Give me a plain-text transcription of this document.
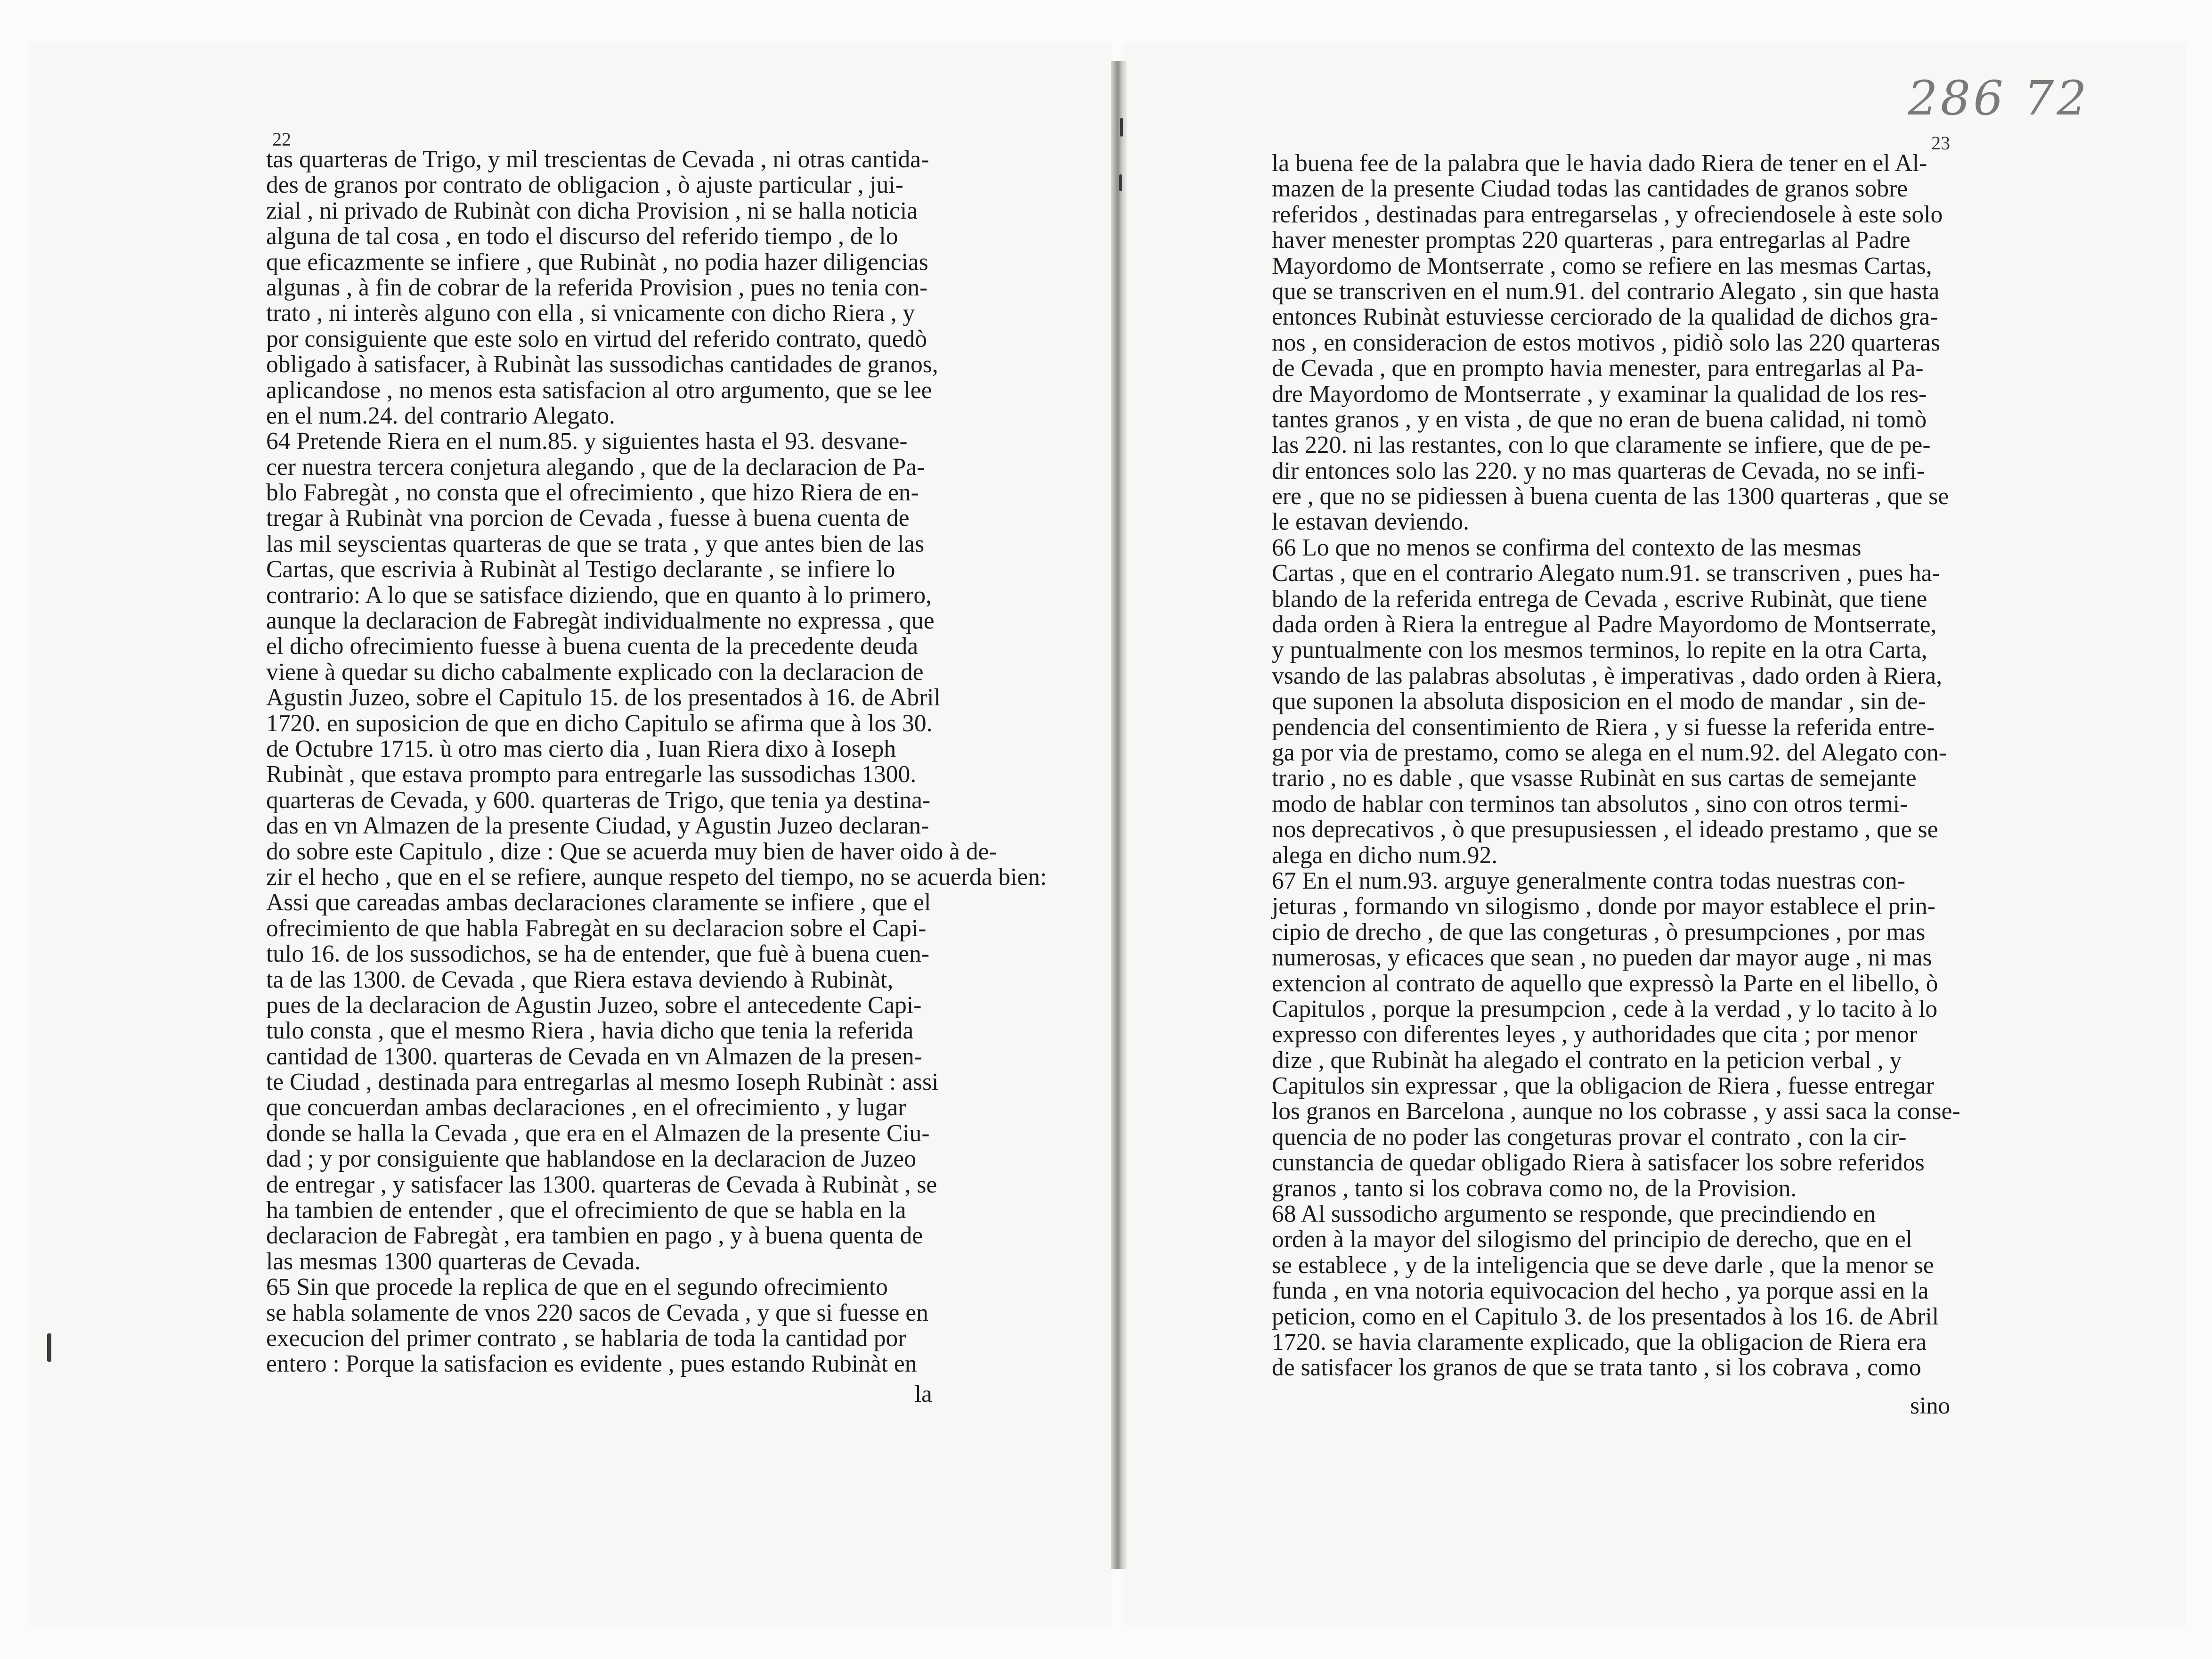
22
286 72
23
tas quarteras de Trigo, y mil trescientas de Cevada , ni otras cantida-
des de granos por contrato de obligacion , ò ajuste particular , jui-
zial , ni privado de Rubinàt con dicha Provision , ni se halla noticia
alguna de tal cosa , en todo el discurso del referido tiempo , de lo
que eficazmente se infiere , que Rubinàt , no podia hazer diligencias
algunas , à fin de cobrar de la referida Provision , pues no tenia con-
trato , ni interès alguno con ella , si vnicamente con dicho Riera , y
por consiguiente que este solo en virtud del referido contrato, quedò
obligado à satisfacer, à Rubinàt las sussodichas cantidades de granos,
aplicandose , no menos esta satisfacion al otro argumento, que se lee
en el num.24. del contrario Alegato.
64 Pretende Riera en el num.85. y siguientes hasta el 93. desvane-
cer nuestra tercera conjetura alegando , que de la declaracion de Pa-
blo Fabregàt , no consta que el ofrecimiento , que hizo Riera de en-
tregar à Rubinàt vna porcion de Cevada , fuesse à buena cuenta de
las mil seyscientas quarteras de que se trata , y que antes bien de las
Cartas, que escrivia à Rubinàt al Testigo declarante , se infiere lo
contrario: A lo que se satisface diziendo, que en quanto à lo primero,
aunque la declaracion de Fabregàt individualmente no expressa , que
el dicho ofrecimiento fuesse à buena cuenta de la precedente deuda
viene à quedar su dicho cabalmente explicado con la declaracion de
Agustin Juzeo, sobre el Capitulo 15. de los presentados à 16. de Abril
1720. en suposicion de que en dicho Capitulo se afirma que à los 30.
de Octubre 1715. ù otro mas cierto dia , Iuan Riera dixo à Ioseph
Rubinàt , que estava prompto para entregarle las sussodichas 1300.
quarteras de Cevada, y 600. quarteras de Trigo, que tenia ya destina-
das en vn Almazen de la presente Ciudad, y Agustin Juzeo declaran-
do sobre este Capitulo , dize : Que se acuerda muy bien de haver oido à de-
zir el hecho , que en el se refiere, aunque respeto del tiempo, no se acuerda bien:
Assi que careadas ambas declaraciones claramente se infiere , que el
ofrecimiento de que habla Fabregàt en su declaracion sobre el Capi-
tulo 16. de los sussodichos, se ha de entender, que fuè à buena cuen-
ta de las 1300. de Cevada , que Riera estava deviendo à Rubinàt,
pues de la declaracion de Agustin Juzeo, sobre el antecedente Capi-
tulo consta , que el mesmo Riera , havia dicho que tenia la referida
cantidad de 1300. quarteras de Cevada en vn Almazen de la presen-
te Ciudad , destinada para entregarlas al mesmo Ioseph Rubinàt : assi
que concuerdan ambas declaraciones , en el ofrecimiento , y lugar
donde se halla la Cevada , que era en el Almazen de la presente Ciu-
dad ; y por consiguiente que hablandose en la declaracion de Juzeo
de entregar , y satisfacer las 1300. quarteras de Cevada à Rubinàt , se
ha tambien de entender , que el ofrecimiento de que se habla en la
declaracion de Fabregàt , era tambien en pago , y à buena quenta de
las mesmas 1300 quarteras de Cevada.
65 Sin que procede la replica de que en el segundo ofrecimiento
se habla solamente de vnos 220 sacos de Cevada , y que si fuesse en
execucion del primer contrato , se hablaria de toda la cantidad por
entero : Porque la satisfacion es evidente , pues estando Rubinàt en
la buena fee de la palabra que le havia dado Riera de tener en el Al-
mazen de la presente Ciudad todas las cantidades de granos sobre
referidos , destinadas para entregarselas , y ofreciendosele à este solo
haver menester promptas 220 quarteras , para entregarlas al Padre
Mayordomo de Montserrate , como se refiere en las mesmas Cartas,
que se transcriven en el num.91. del contrario Alegato , sin que hasta
entonces Rubinàt estuviesse cerciorado de la qualidad de dichos gra-
nos , en consideracion de estos motivos , pidiò solo las 220 quarteras
de Cevada , que en prompto havia menester, para entregarlas al Pa-
dre Mayordomo de Montserrate , y examinar la qualidad de los res-
tantes granos , y en vista , de que no eran de buena calidad, ni tomò
las 220. ni las restantes, con lo que claramente se infiere, que de pe-
dir entonces solo las 220. y no mas quarteras de Cevada, no se infi-
ere , que no se pidiessen à buena cuenta de las 1300 quarteras , que se
le estavan deviendo.
66 Lo que no menos se confirma del contexto de las mesmas
Cartas , que en el contrario Alegato num.91. se transcriven , pues ha-
blando de la referida entrega de Cevada , escrive Rubinàt, que tiene
dada orden à Riera la entregue al Padre Mayordomo de Montserrate,
y puntualmente con los mesmos terminos, lo repite en la otra Carta,
vsando de las palabras absolutas , è imperativas , dado orden à Riera,
que suponen la absoluta disposicion en el modo de mandar , sin de-
pendencia del consentimiento de Riera , y si fuesse la referida entre-
ga por via de prestamo, como se alega en el num.92. del Alegato con-
trario , no es dable , que vsasse Rubinàt en sus cartas de semejante
modo de hablar con terminos tan absolutos , sino con otros termi-
nos deprecativos , ò que presupusiessen , el ideado prestamo , que se
alega en dicho num.92.
67 En el num.93. arguye generalmente contra todas nuestras con-
jeturas , formando vn silogismo , donde por mayor establece el prin-
cipio de drecho , de que las congeturas , ò presumpciones , por mas
numerosas, y eficaces que sean , no pueden dar mayor auge , ni mas
extencion al contrato de aquello que expressò la Parte en el libello, ò
Capitulos , porque la presumpcion , cede à la verdad , y lo tacito à lo
expresso con diferentes leyes , y authoridades que cita ; por menor
dize , que Rubinàt ha alegado el contrato en la peticion verbal , y
Capitulos sin expressar , que la obligacion de Riera , fuesse entregar
los granos en Barcelona , aunque no los cobrasse , y assi saca la conse-
quencia de no poder las congeturas provar el contrato , con la cir-
cunstancia de quedar obligado Riera à satisfacer los sobre referidos
granos , tanto si los cobrava como no, de la Provision.
68 Al sussodicho argumento se responde, que precindiendo en
orden à la mayor del silogismo del principio de derecho, que en el
se establece , y de la inteligencia que se deve darle , que la menor se
funda , en vna notoria equivocacion del hecho , ya porque assi en la
peticion, como en el Capitulo 3. de los presentados à los 16. de Abril
1720. se havia claramente explicado, que la obligacion de Riera era
de satisfacer los granos de que se trata tanto , si los cobrava , como
la	sino
